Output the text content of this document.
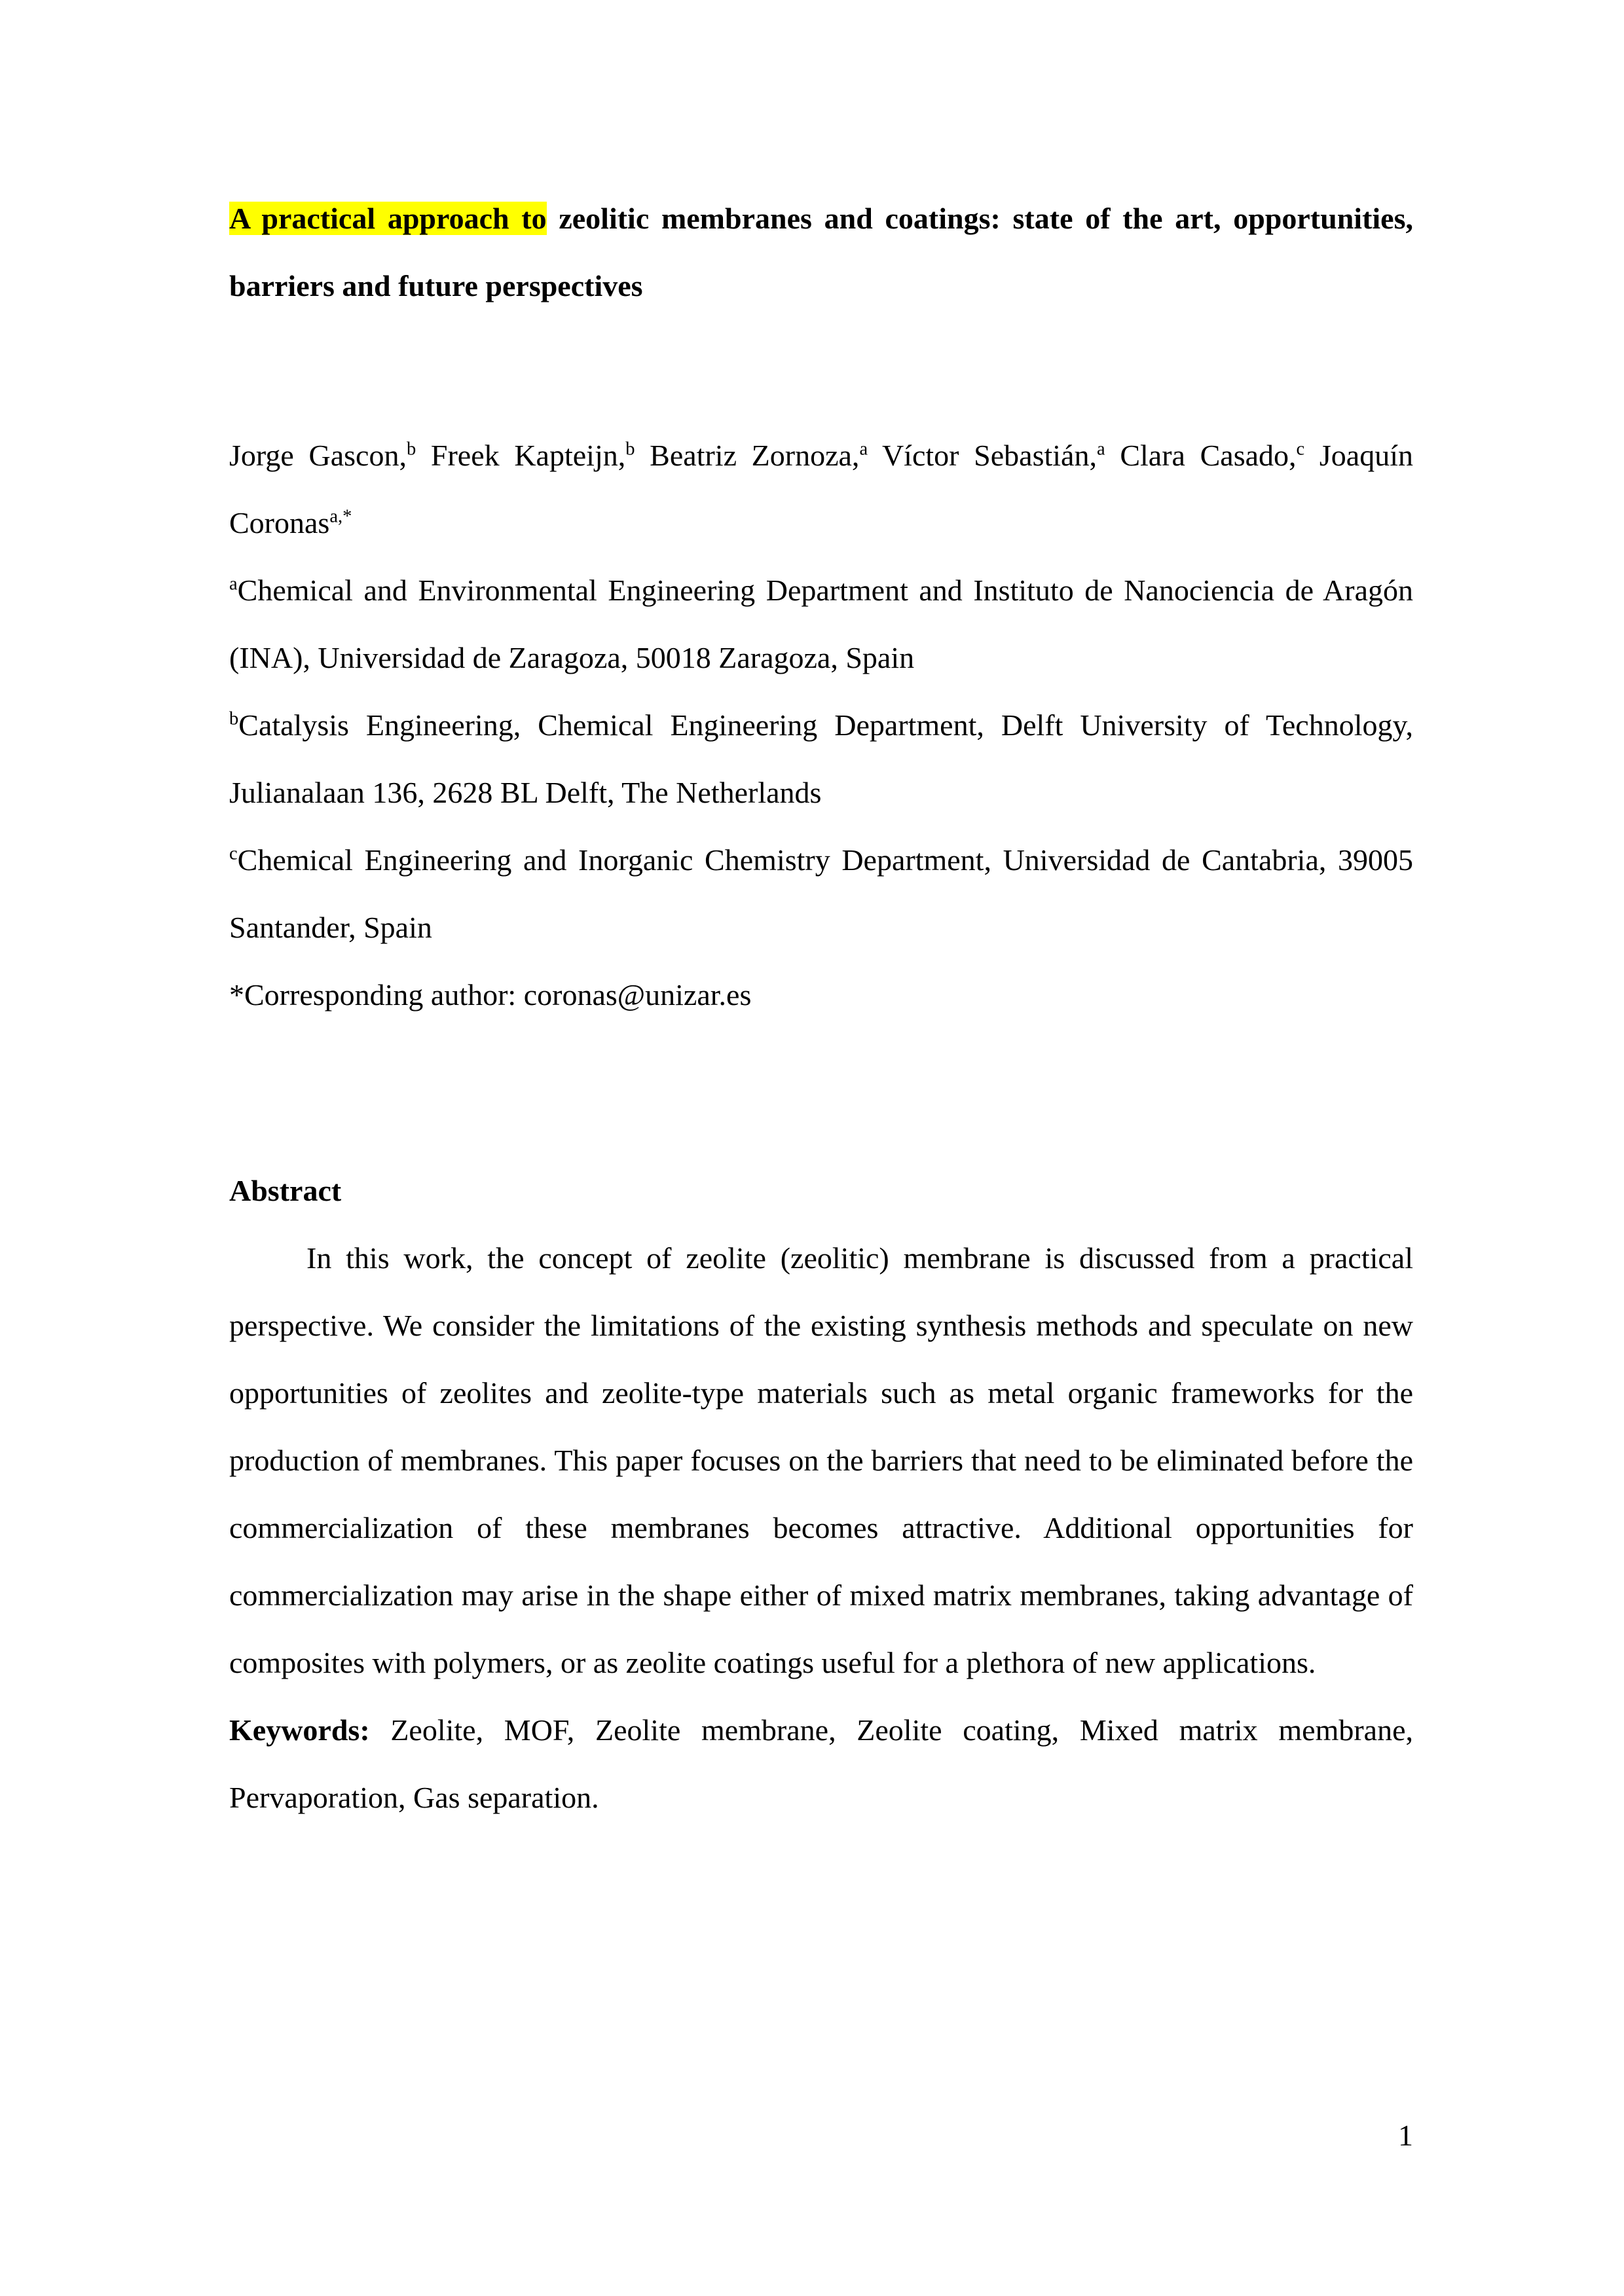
A practical approach to zeolitic membranes and coatings: state of the art, opportunities, barriers and future perspectives

Jorge Gascon,$^b$ Freek Kapteijn,$^b$ Beatriz Zornoza,$^a$ Víctor Sebastián,$^a$ Clara Casado,$^c$ Joaquín Coronas$^{a,*}$

$^a$Chemical and Environmental Engineering Department and Instituto de Nanociencia de Aragón (INA), Universidad de Zaragoza, 50018 Zaragoza, Spain

$^b$Catalysis Engineering, Chemical Engineering Department, Delft University of Technology, Julianalaan 136, 2628 BL Delft, The Netherlands

$^c$Chemical Engineering and Inorganic Chemistry Department, Universidad de Cantabria, 39005 Santander, Spain

*Corresponding author: coronas@unizar.es

Abstract

In this work, the concept of zeolite (zeolitic) membrane is discussed from a practical perspective. We consider the limitations of the existing synthesis methods and speculate on new opportunities of zeolites and zeolite-type materials such as metal organic frameworks for the production of membranes. This paper focuses on the barriers that need to be eliminated before the commercialization of these membranes becomes attractive. Additional opportunities for commercialization may arise in the shape either of mixed matrix membranes, taking advantage of composites with polymers, or as zeolite coatings useful for a plethora of new applications.

Keywords: Zeolite, MOF, Zeolite membrane, Zeolite coating, Mixed matrix membrane, Pervaporation, Gas separation.

1
